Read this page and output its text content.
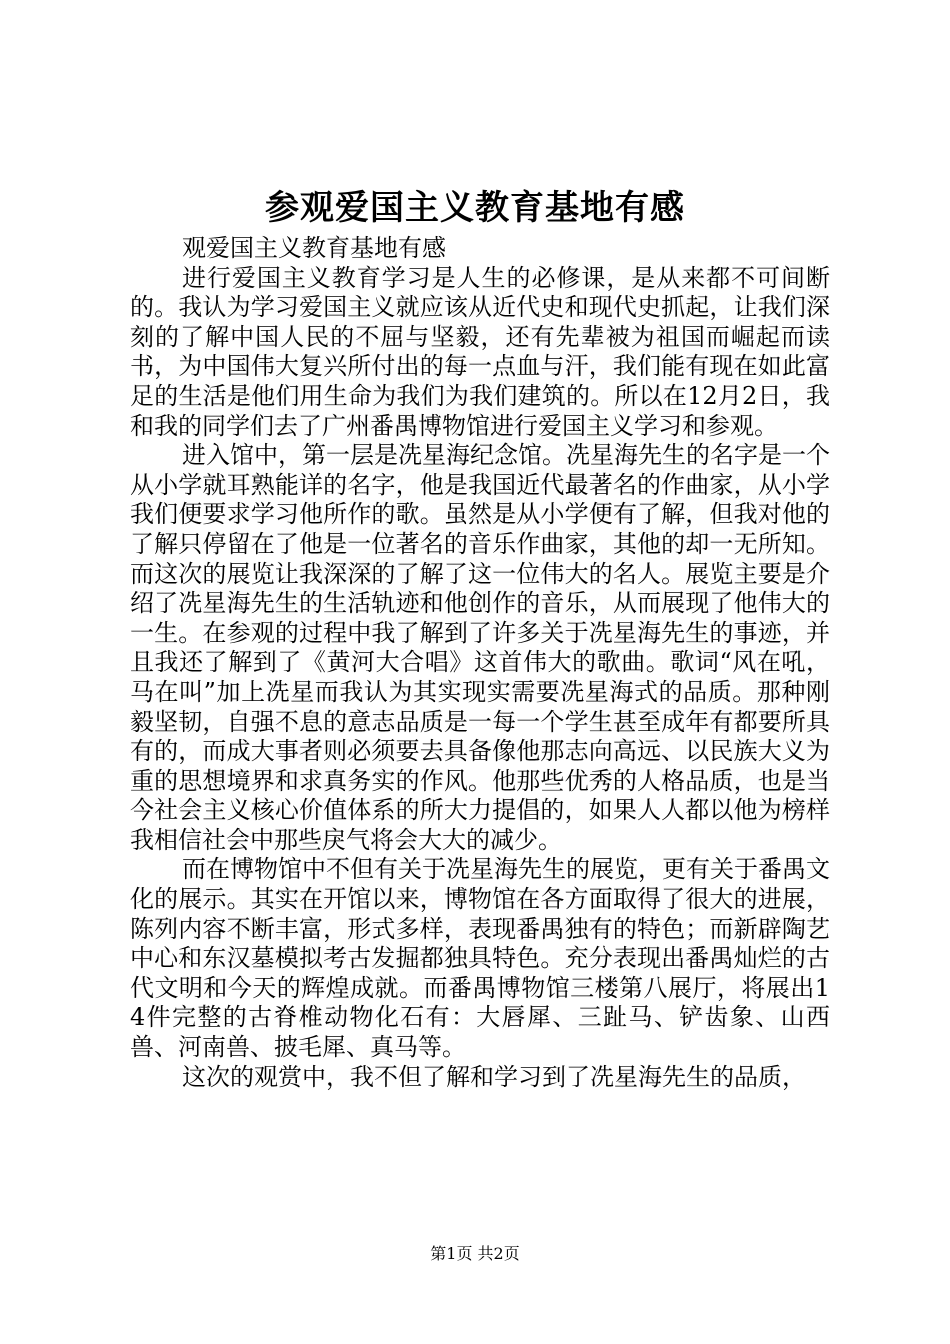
参观爱国主义教育基地有感

观爱国主义教育基地有感

进行爱国主义教育学习是人生的必修课，是从来都不可间断的。我认为学习爱国主义就应该从近代史和现代史抓起，让我们深刻的了解中国人民的不屈与坚毅，还有先辈被为祖国而崛起而读书，为中国伟大复兴所付出的每一点血与汗，我们能有现在如此富足的生活是他们用生命为我们为我们建筑的。所以在12月2日，我和我的同学们去了广州番禺博物馆进行爱国主义学习和参观。

进入馆中，第一层是冼星海纪念馆。冼星海先生的名字是一个从小学就耳熟能详的名字，他是我国近代最著名的作曲家，从小学我们便要求学习他所作的歌。虽然是从小学便有了解，但我对他的了解只停留在了他是一位著名的音乐作曲家，其他的却一无所知。而这次的展览让我深深的了解了这一位伟大的名人。展览主要是介绍了冼星海先生的生活轨迹和他创作的音乐，从而展现了他伟大的一生。在参观的过程中我了解到了许多关于冼星海先生的事迹，并且我还了解到了《黄河大合唱》这首伟大的歌曲。歌词“风在吼，马在叫”加上冼星而我认为其实现实需要冼星海式的品质。那种刚毅坚韧，自强不息的意志品质是一每一个学生甚至成年有都要所具有的，而成大事者则必须要去具备像他那志向高远、以民族大义为重的思想境界和求真务实的作风。他那些优秀的人格品质，也是当今社会主义核心价值体系的所大力提倡的，如果人人都以他为榜样我相信社会中那些戾气将会大大的减少。

而在博物馆中不但有关于冼星海先生的展览，更有关于番禺文化的展示。其实在开馆以来，博物馆在各方面取得了很大的进展，陈列内容不断丰富，形式多样，表现番禺独有的特色；而新辟陶艺中心和东汉墓模拟考古发掘都独具特色。充分表现出番禺灿烂的古代文明和今天的辉煌成就。而番禺博物馆三楼第八展厅，将展出14件完整的古脊椎动物化石有：大唇犀、三趾马、铲齿象、山西兽、河南兽、披毛犀、真马等。

这次的观赏中，我不但了解和学习到了冼星海先生的品质，

第1页 共2页
